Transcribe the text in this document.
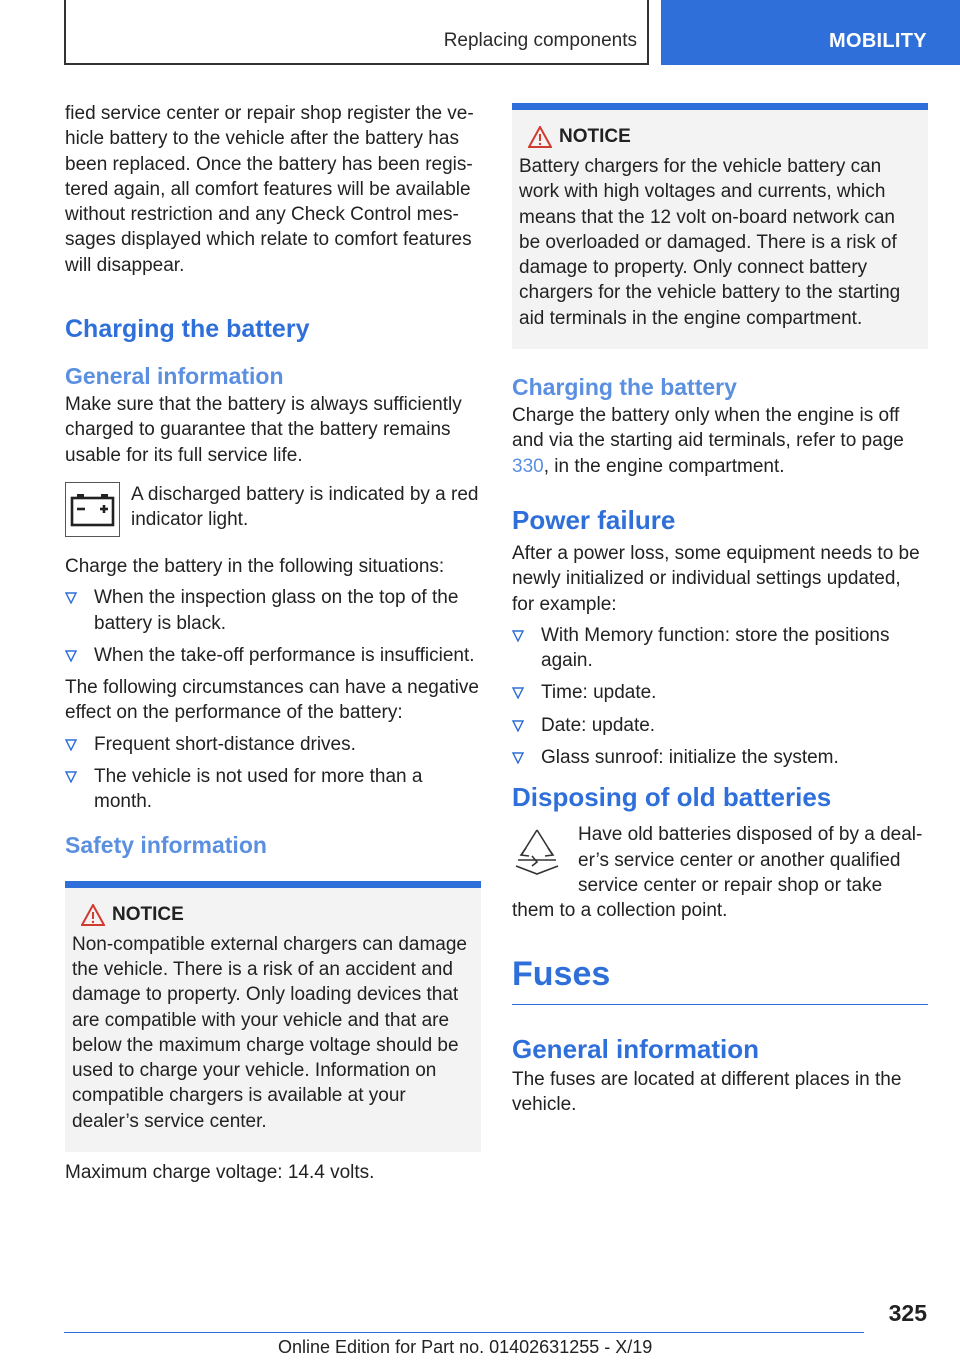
Replacing components	MOBILITY

fied service center or repair shop register the ve-hicle battery to the vehicle after the battery has been replaced. Once the battery has been regis-tered again, all comfort features will be available without restriction and any Check Control mes-sages displayed which relate to comfort features will disappear.

Charging the battery
General information

Make sure that the battery is always sufficiently charged to guarantee that the battery remains usable for its full service life.

A discharged battery is indicated by a red indicator light.

Charge the battery in the following situations:

When the inspection glass on the top of the battery is black.
When the take-off performance is insufficient.

The following circumstances can have a negative effect on the performance of the battery:

Frequent short-distance drives.
The vehicle is not used for more than a month.
Safety information
NOTICE

Non-compatible external chargers can damage the vehicle. There is a risk of an accident and damage to property. Only loading devices that are compatible with your vehicle and that are below the maximum charge voltage should be used to charge your vehicle. Information on compatible chargers is available at your dealer’s service center.

Maximum charge voltage: 14.4 volts.

NOTICE

Battery chargers for the vehicle battery can work with high voltages and currents, which means that the 12 volt on-board network can be overloaded or damaged. There is a risk of damage to property. Only connect battery chargers for the vehicle battery to the starting aid terminals in the engine compartment.

Charging the battery

Charge the battery only when the engine is off and via the starting aid terminals, refer to page 330, in the engine compartment.

Power failure

After a power loss, some equipment needs to be newly initialized or individual settings updated, for example:

With Memory function: store the positions again.
Time: update.
Date: update.
Glass sunroof: initialize the system.
Disposing of old batteries

Have old batteries disposed of by a deal-er’s service center or another qualified service center or repair shop or take

them to a collection point.

Fuses
General information

The fuses are located at different places in the vehicle.

325
Online Edition for Part no. 01402631255 - X/19
